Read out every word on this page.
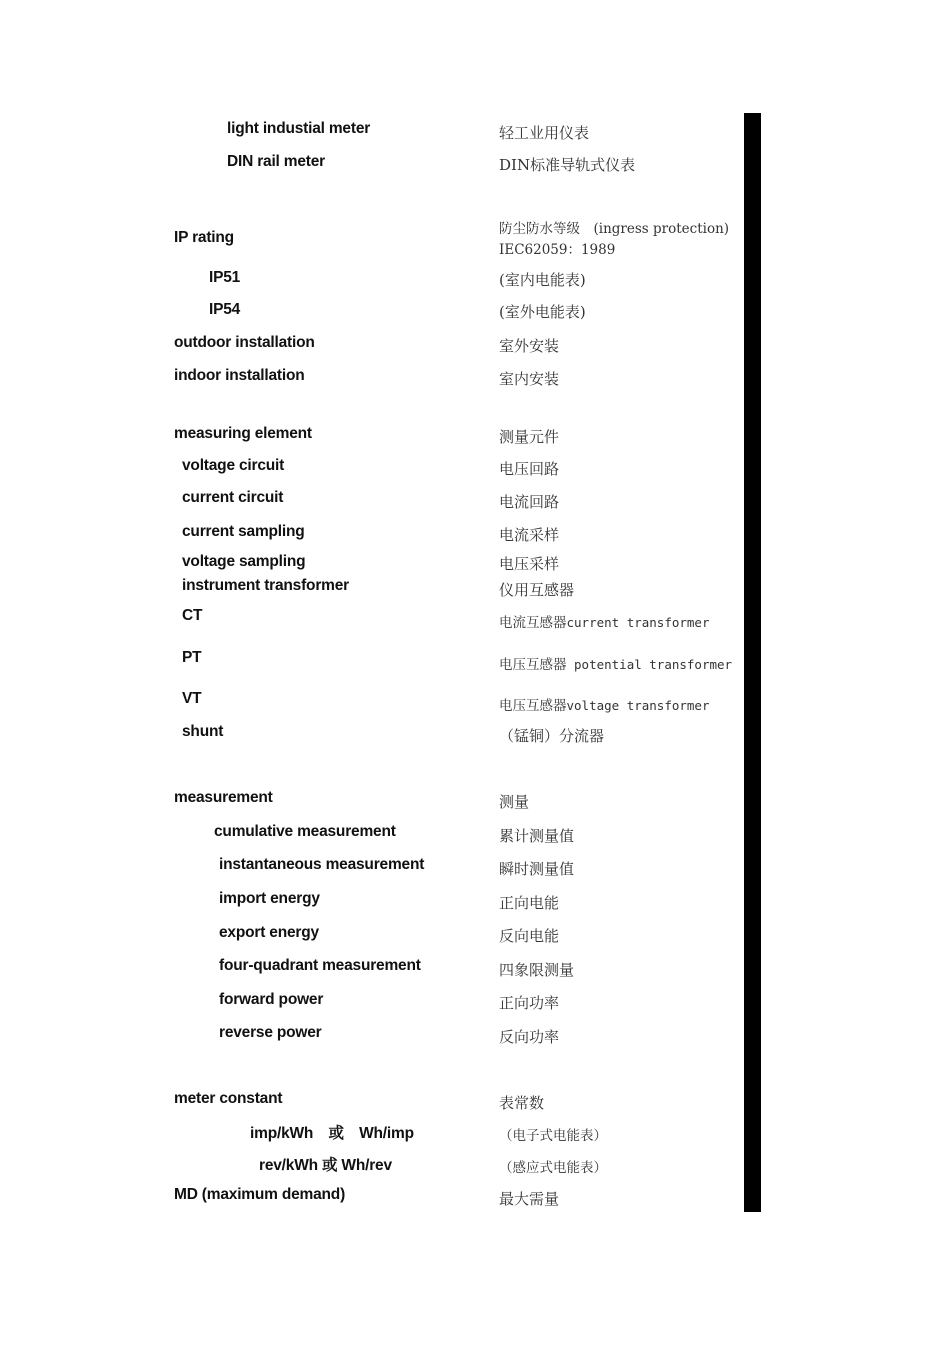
light industial meter	轻工业用仪表
DIN rail meter	DIN标准导轨式仪表
IP rating	防尘防水等级　(ingress protection)
IEC62059：1989
IP51	(室内电能表)
IP54	(室外电能表)
outdoor installation	室外安装
indoor installation	室内安装
measuring element	测量元件
voltage circuit	电压回路
current circuit	电流回路
current sampling	电流采样
voltage sampling	电压采样
instrument transformer	仪用互感器
CT	电流互感器current transformer
PT	电压互感器 potential transformer
VT	电压互感器voltage transformer
shunt	（锰铜）分流器
measurement	测量
cumulative measurement	累计测量值
instantaneous measurement	瞬时测量值
import energy	正向电能
export energy	反向电能
four-quadrant measurement	四象限测量
forward power	正向功率
reverse power	反向功率
meter constant	表常数
imp/kWh　或　Wh/imp	（电子式电能表）
rev/kWh 或 Wh/rev	（感应式电能表）
MD (maximum demand)	最大需量
